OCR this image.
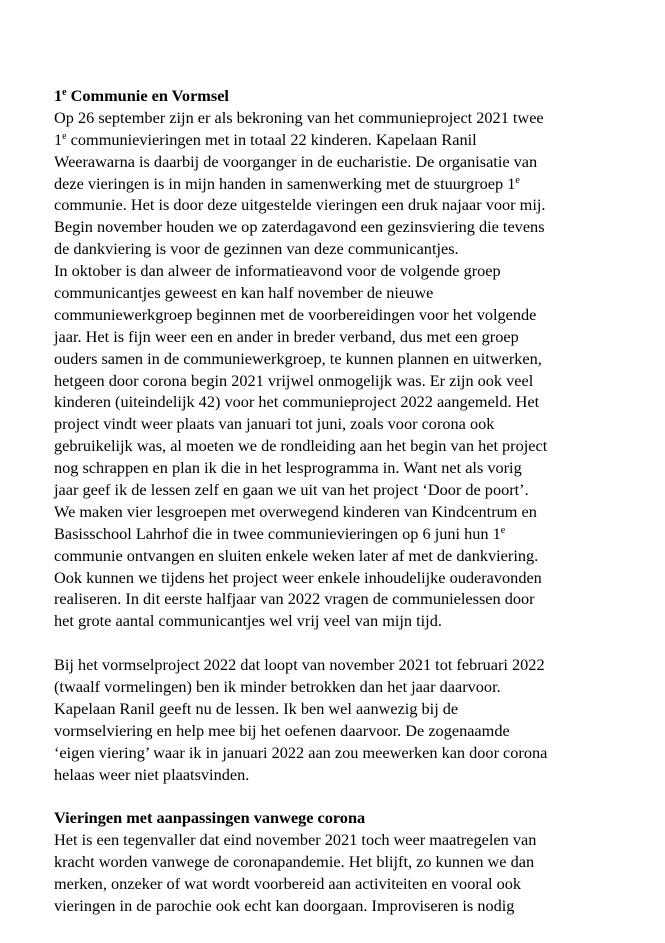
1e Communie en Vormsel
Op 26 september zijn er als bekroning van het communieproject 2021 twee
1e communievieringen met in totaal 22 kinderen. Kapelaan Ranil
Weerawarna is daarbij de voorganger in de eucharistie. De organisatie van
deze vieringen is in mijn handen in samenwerking met de stuurgroep 1e
communie. Het is door deze uitgestelde vieringen een druk najaar voor mij.
Begin november houden we op zaterdagavond een gezinsviering die tevens
de dankviering is voor de gezinnen van deze communicantjes.
In oktober is dan alweer de informatieavond voor de volgende groep
communicantjes geweest en kan half november de nieuwe
communiewerkgroep beginnen met de voorbereidingen voor het volgende
jaar. Het is fijn weer een en ander in breder verband, dus met een groep
ouders samen in de communiewerkgroep, te kunnen plannen en uitwerken,
hetgeen door corona begin 2021 vrijwel onmogelijk was. Er zijn ook veel
kinderen (uiteindelijk 42) voor het communieproject 2022 aangemeld. Het
project vindt weer plaats van januari tot juni, zoals voor corona ook
gebruikelijk was, al moeten we de rondleiding aan het begin van het project
nog schrappen en plan ik die in het lesprogramma in. Want net als vorig
jaar geef ik de lessen zelf en gaan we uit van het project ‘Door de poort’.
We maken vier lesgroepen met overwegend kinderen van Kindcentrum en
Basisschool Lahrhof die in twee communievieringen op 6 juni hun 1e
communie ontvangen en sluiten enkele weken later af met de dankviering.
Ook kunnen we tijdens het project weer enkele inhoudelijke ouderavonden
realiseren. In dit eerste halfjaar van 2022 vragen de communielessen door
het grote aantal communicantjes wel vrij veel van mijn tijd.
Bij het vormselproject 2022 dat loopt van november 2021 tot februari 2022
(twaalf vormelingen) ben ik minder betrokken dan het jaar daarvoor.
Kapelaan Ranil geeft nu de lessen. Ik ben wel aanwezig bij de
vormselviering en help mee bij het oefenen daarvoor. De zogenaamde
‘eigen viering’ waar ik in januari 2022 aan zou meewerken kan door corona
helaas weer niet plaatsvinden.
Vieringen met aanpassingen vanwege corona
Het is een tegenvaller dat eind november 2021 toch weer maatregelen van
kracht worden vanwege de coronapandemie. Het blijft, zo kunnen we dan
merken, onzeker of wat wordt voorbereid aan activiteiten en vooral ook
vieringen in de parochie ook echt kan doorgaan. Improviseren is nodig
